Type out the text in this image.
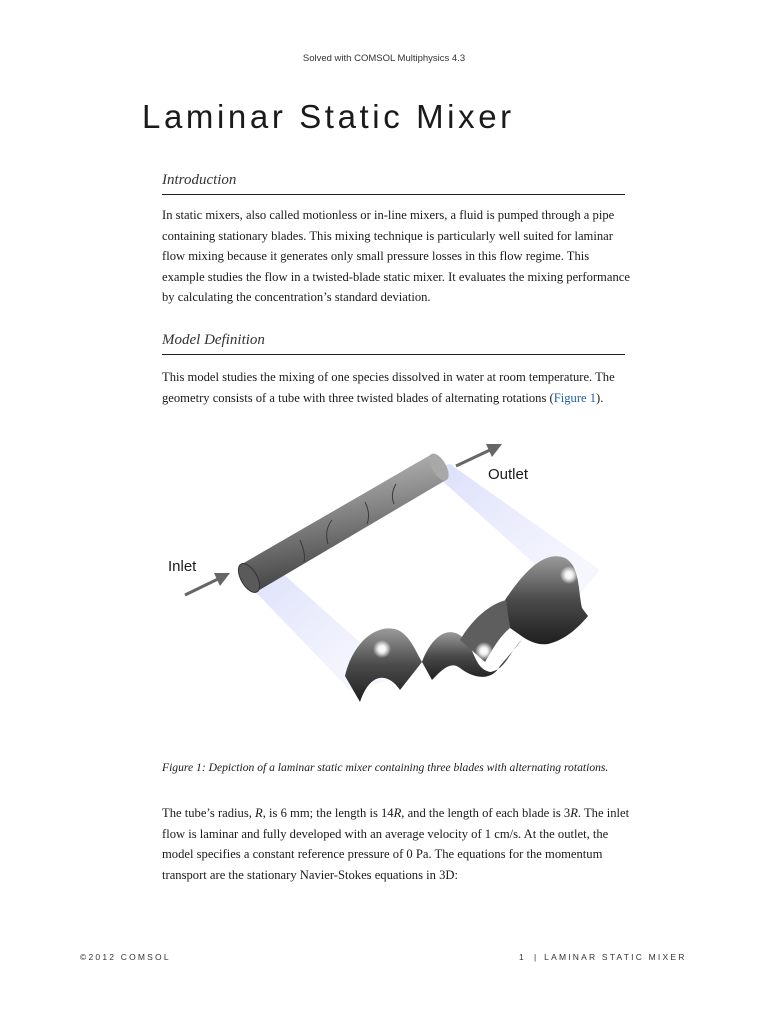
Solved with COMSOL Multiphysics 4.3
Laminar Static Mixer
Introduction

In static mixers, also called motionless or in-line mixers, a fluid is pumped through a pipe containing stationary blades. This mixing technique is particularly well suited for laminar flow mixing because it generates only small pressure losses in this flow regime. This example studies the flow in a twisted-blade static mixer. It evaluates the mixing performance by calculating the concentration’s standard deviation.

Model Definition

This model studies the mixing of one species dissolved in water at room temperature. The geometry consists of a tube with three twisted blades of alternating rotations (Figure 1).

Inlet
Outlet

Figure 1: Depiction of a laminar static mixer containing three blades with alternating rotations.

The tube’s radius, R, is 6 mm; the length is 14R, and the length of each blade is 3R. The inlet flow is laminar and fully developed with an average velocity of 1 cm/s. At the outlet, the model specifies a constant reference pressure of 0 Pa. The equations for the momentum transport are the stationary Navier-Stokes equations in 3D:

©2012 COMSOL	1 | LAMINAR STATIC MIXER
